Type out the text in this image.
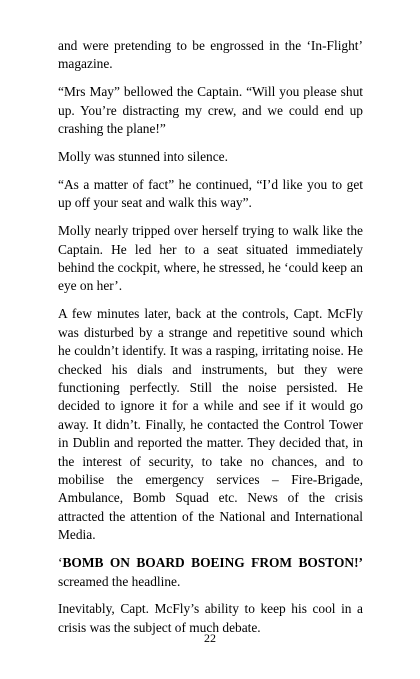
and were pretending to be engrossed in the ‘In-Flight’ magazine.

“Mrs May” bellowed the Captain. “Will you please shut up. You’re distracting my crew, and we could end up crashing the plane!”

Molly was stunned into silence.

“As a matter of fact” he continued, “I’d like you to get up off your seat and walk this way”.

Molly nearly tripped over herself trying to walk like the Captain. He led her to a seat situated immediately behind the cockpit, where, he stressed, he ‘could keep an eye on her’.

A few minutes later, back at the controls, Capt. McFly was disturbed by a strange and repetitive sound which he couldn’t identify. It was a rasping, irritating noise. He checked his dials and instruments, but they were functioning perfectly. Still the noise persisted. He decided to ignore it for a while and see if it would go away. It didn’t. Finally, he contacted the Control Tower in Dublin and reported the matter. They decided that, in the interest of security, to take no chances, and to mobilise the emergency services – Fire-Brigade, Ambulance, Bomb Squad etc. News of the crisis attracted the attention of the National and International Media.

‘BOMB ON BOARD BOEING FROM BOSTON!’ screamed the headline.

Inevitably, Capt. McFly’s ability to keep his cool in a crisis was the subject of much debate.

22
